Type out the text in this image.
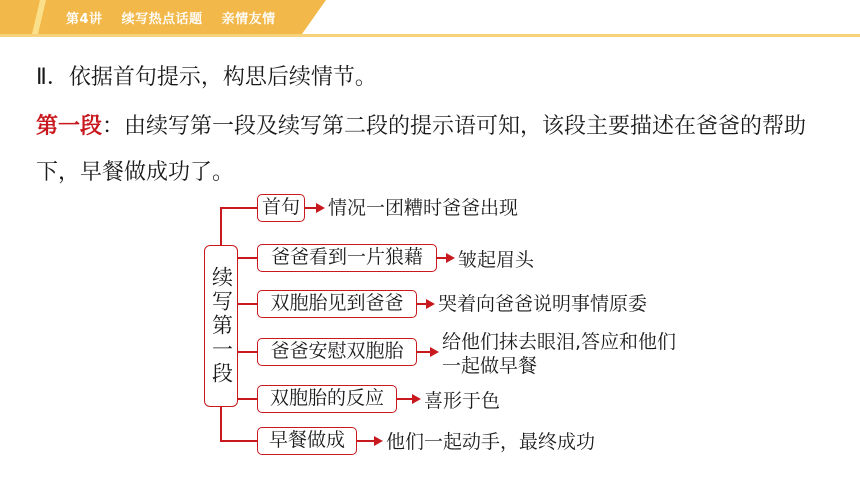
第4讲 续写热点话题 亲情友情
Ⅱ．依据首句提示，构思后续情节。
第一段：由续写第一段及续写第二段的提示语可知，该段主要描述在爸爸的帮助下，早餐做成功了。
续写第一段
首句 情况一团糟时爸爸出现
爸爸看到一片狼藉	皱起眉头
双胞胎见到爸爸	哭着向爸爸说明事情原委
爸爸安慰双胞胎	给他们抹去眼泪,答应和他们
一起做早餐
双胞胎的反应	喜形于色
早餐做成	他们一起动手，最终成功
